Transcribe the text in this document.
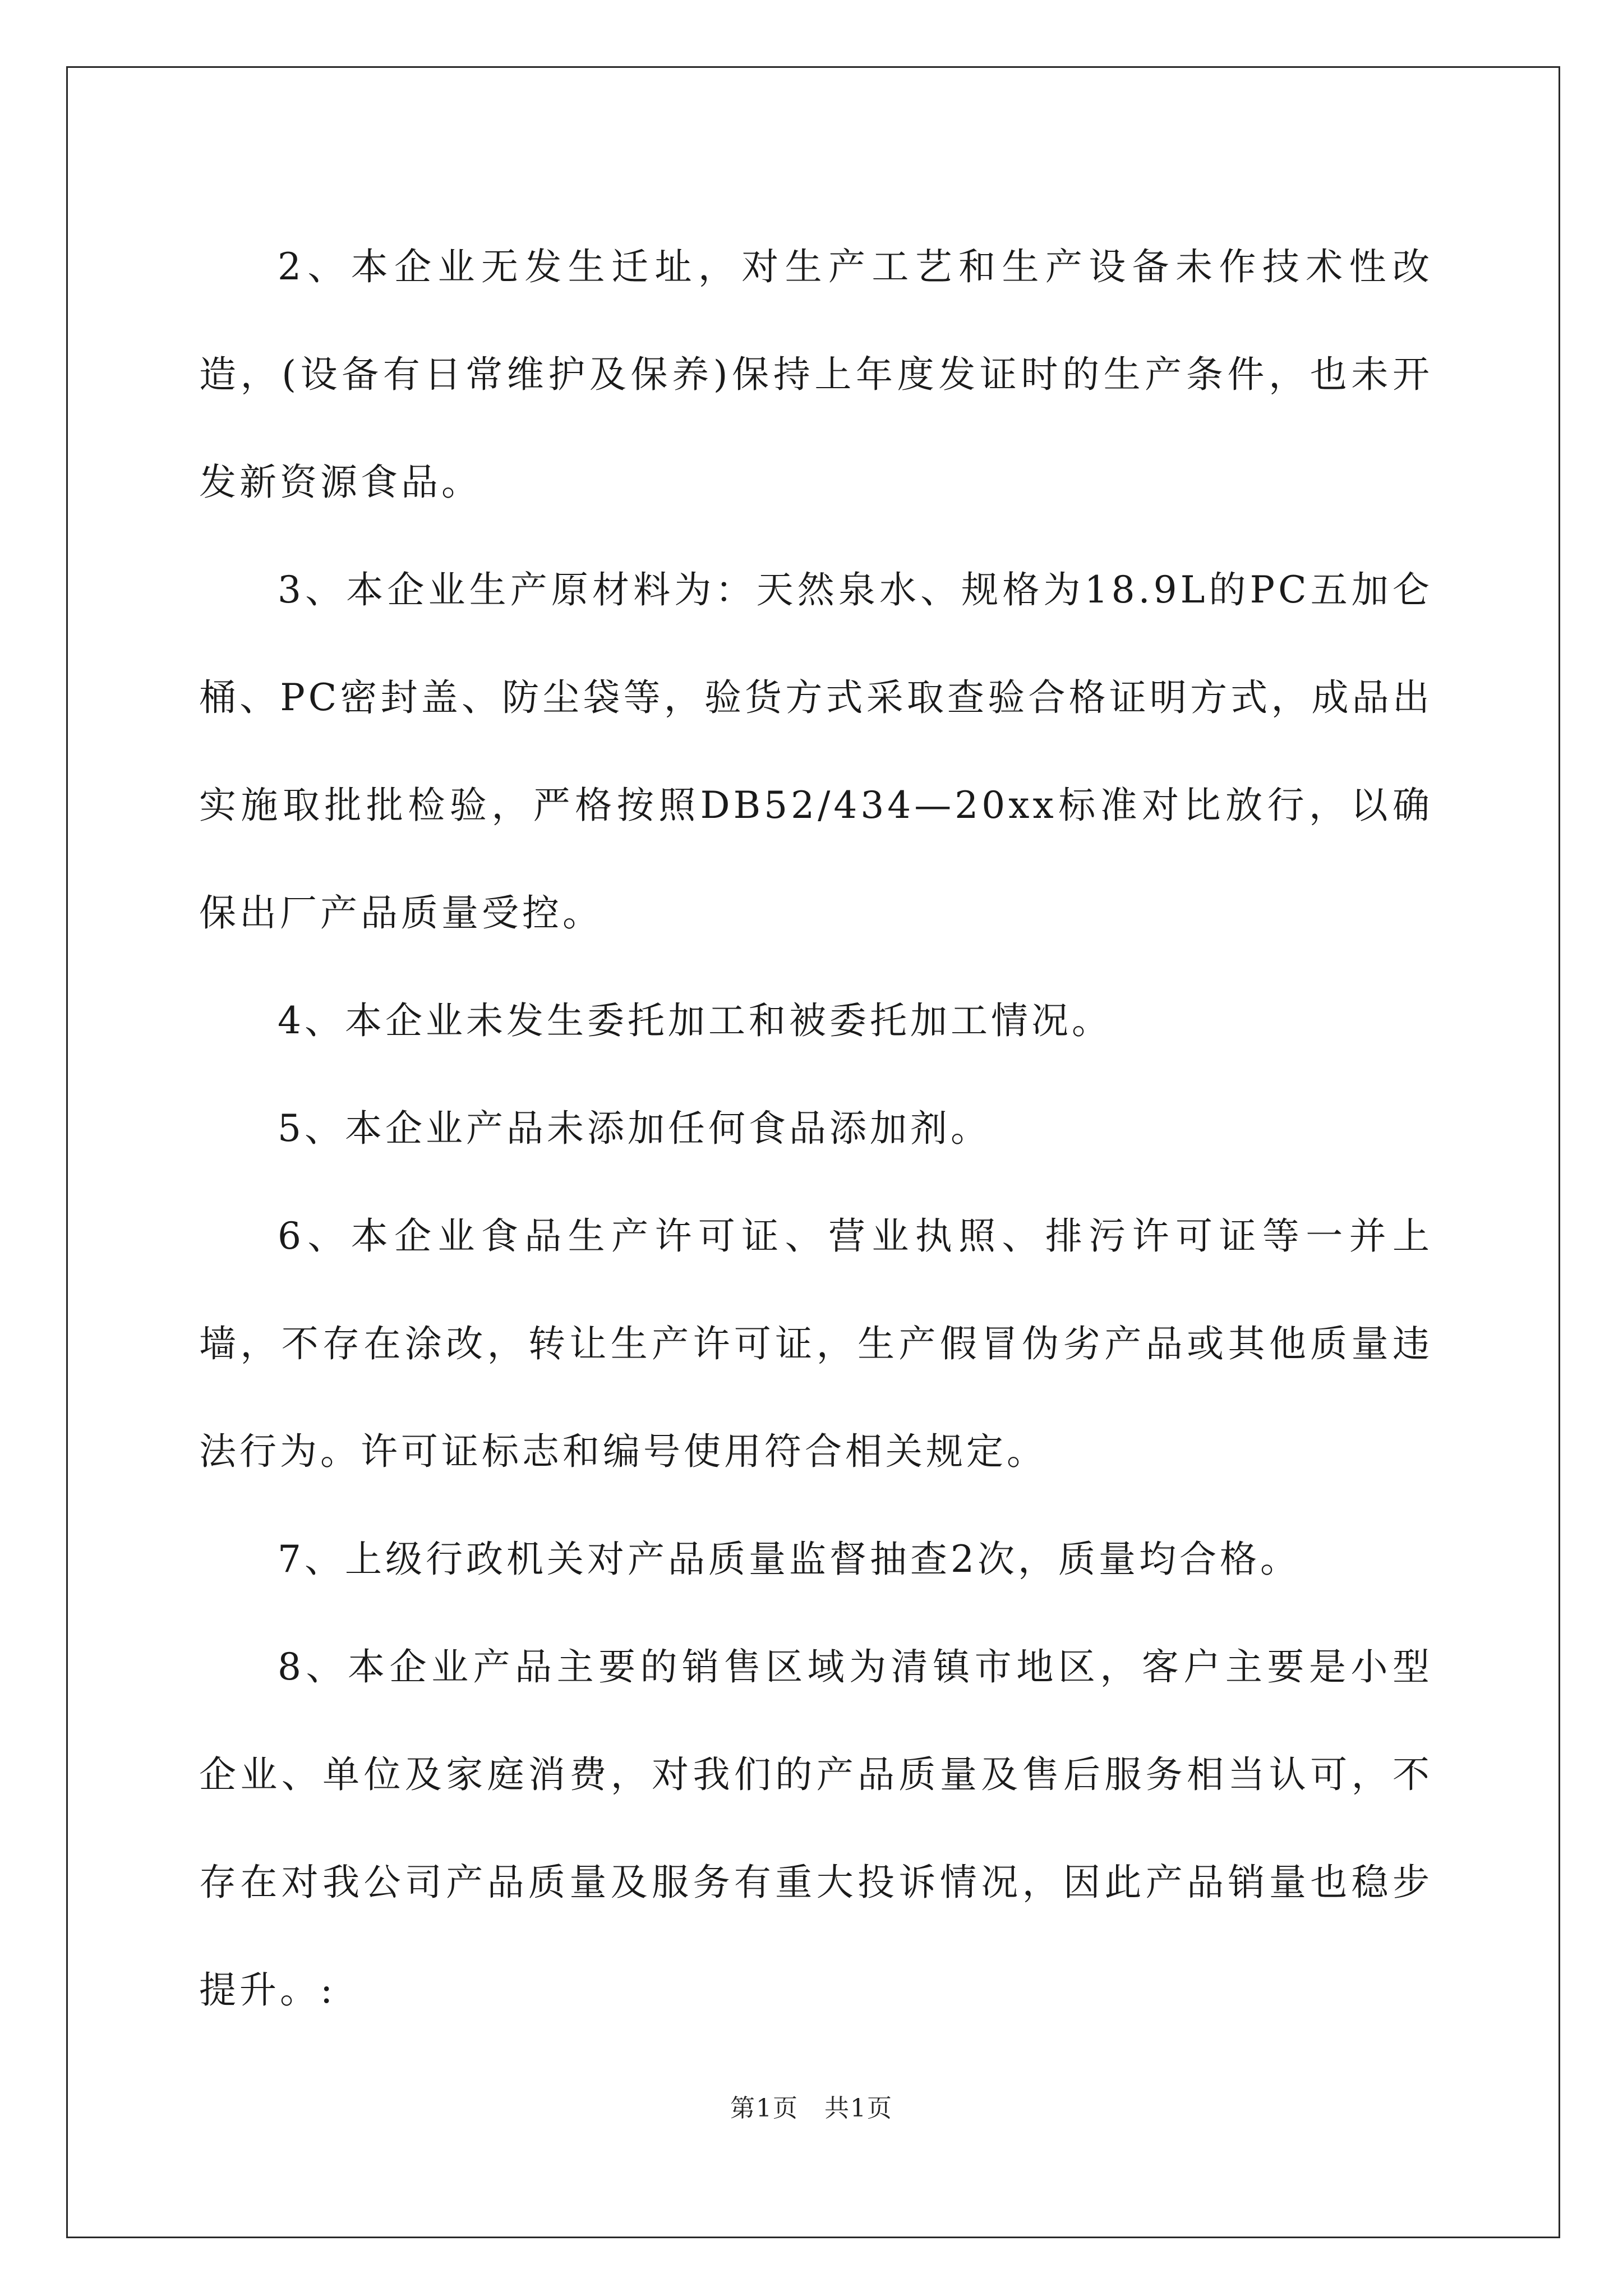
2、本企业无发生迁址，对生产工艺和生产设备未作技术性改造，(设备有日常维护及保养)保持上年度发证时的生产条件，也未开发新资源食品。

3、本企业生产原材料为：天然泉水、规格为18.9L的PC五加仑桶、PC密封盖、防尘袋等，验货方式采取查验合格证明方式，成品出实施取批批检验，严格按照DB52/434—20xx标准对比放行，以确保出厂产品质量受控。

4、本企业未发生委托加工和被委托加工情况。

5、本企业产品未添加任何食品添加剂。

6、本企业食品生产许可证、营业执照、排污许可证等一并上墙，不存在涂改，转让生产许可证，生产假冒伪劣产品或其他质量违法行为。许可证标志和编号使用符合相关规定。

7、上级行政机关对产品质量监督抽查2次，质量均合格。

8、本企业产品主要的销售区域为清镇市地区，客户主要是小型企业、单位及家庭消费，对我们的产品质量及售后服务相当认可，不存在对我公司产品质量及服务有重大投诉情况，因此产品销量也稳步提升。:

第1页　共1页
